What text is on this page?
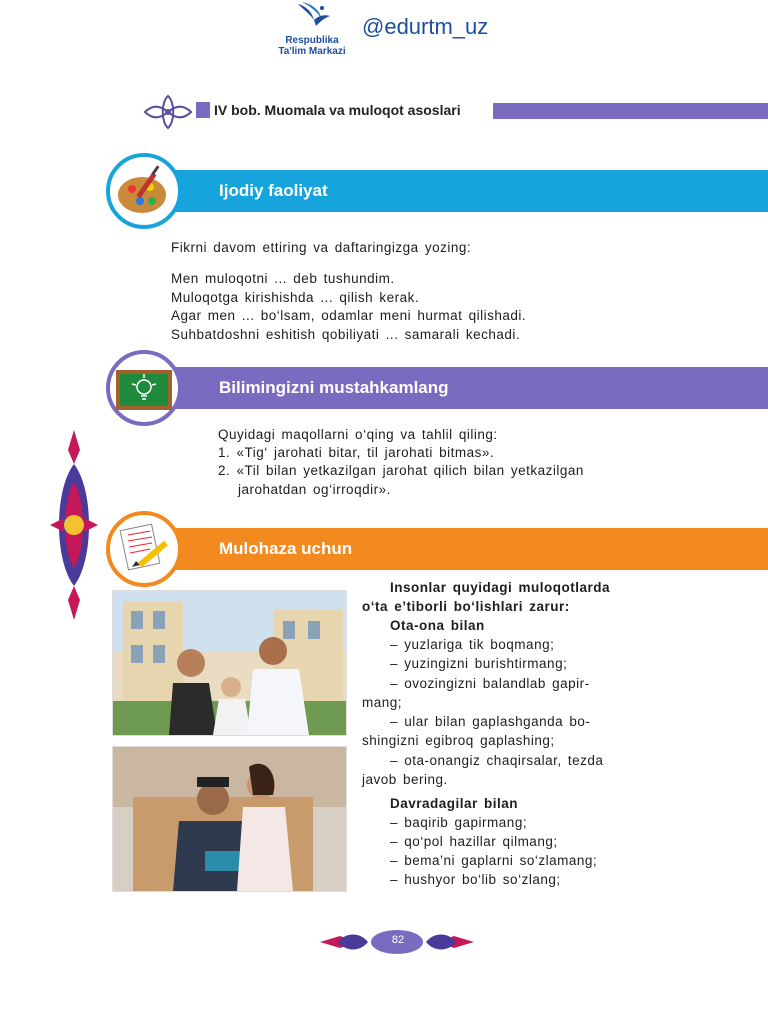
Respublika
Ta'lim Markazi
@edurtm_uz
IV bob. Muomala va muloqot asoslari
Ijodiy faoliyat
Fikrni davom ettiring va daftaringizga yozing:
Men muloqotni ... deb tushundim.
Muloqotga kirishishda ... qilish kerak.
Agar men ... bo‘lsam, odamlar meni hurmat qilishadi.
Suhbatdoshni eshitish qobiliyati ... samarali kechadi.
Bilimingizni mustahkamlang
Quyidagi maqollarni o‘qing va tahlil qiling:
1. «Tig‘ jarohati bitar, til jarohati bitmas».
2. «Til bilan yetkazilgan jarohat qilich bilan yetkazilgan
jarohatdan og‘irroqdir».
Mulohaza uchun
Insonlar quyidagi muloqotlarda
o‘ta e’tiborli bo‘lishlari zarur:
Ota-ona bilan
– yuzlariga tik boqmang;
– yuzingizni burishtirmang;
– ovozingizni balandlab gapir-
mang;
– ular bilan gaplashganda bo-
shingizni egibroq gaplashing;
– ota-onangiz chaqirsalar, tezda
javob bering.
Davradagilar bilan
– baqirib gapirmang;
– qo‘pol hazillar qilmang;
– bema’ni gaplarni so‘zlamang;
– hushyor bo‘lib so‘zlang;
82
